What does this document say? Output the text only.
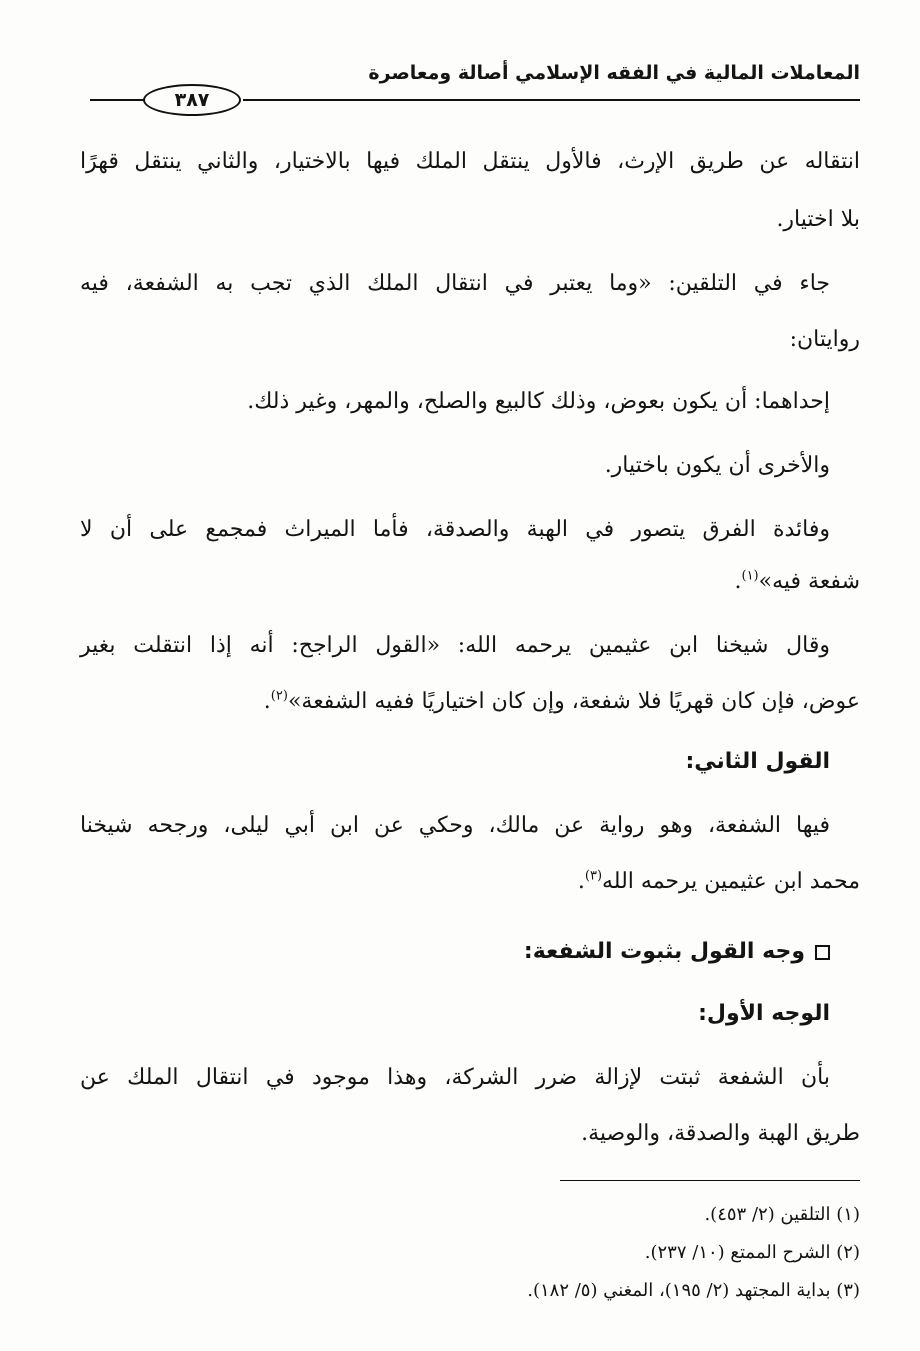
المعاملات المالية في الفقه الإسلامي أصالة ومعاصرة
٣٨٧
انتقاله عن طريق الإرث، فالأول ينتقل الملك فيها بالاختيار، والثاني ينتقل قهرًا
بلا اختيار.
جاء في التلقين: «وما يعتبر في انتقال الملك الذي تجب به الشفعة، فيه
روايتان:
إحداهما: أن يكون بعوض، وذلك كالبيع والصلح، والمهر، وغير ذلك.
والأخرى أن يكون باختيار.
وفائدة الفرق يتصور في الهبة والصدقة، فأما الميراث فمجمع على أن لا
شفعة فيه»$^{(١)}$.
وقال شيخنا ابن عثيمين يرحمه الله: «القول الراجح: أنه إذا انتقلت بغير
عوض، فإن كان قهريًا فلا شفعة، وإن كان اختياريًا ففيه الشفعة»$^{(٢)}$.
القول الثاني:
فيها الشفعة، وهو رواية عن مالك، وحكي عن ابن أبي ليلى، ورجحه شيخنا
محمد ابن عثيمين يرحمه الله$^{(٣)}$.
وجه القول بثبوت الشفعة:
الوجه الأول:
بأن الشفعة ثبتت لإزالة ضرر الشركة، وهذا موجود في انتقال الملك عن
طريق الهبة والصدقة، والوصية.
(١) التلقين (٢/ ٤٥٣).
(٢) الشرح الممتع (١٠/ ٢٣٧).
(٣) بداية المجتهد (٢/ ١٩٥)، المغني (٥/ ١٨٢).
